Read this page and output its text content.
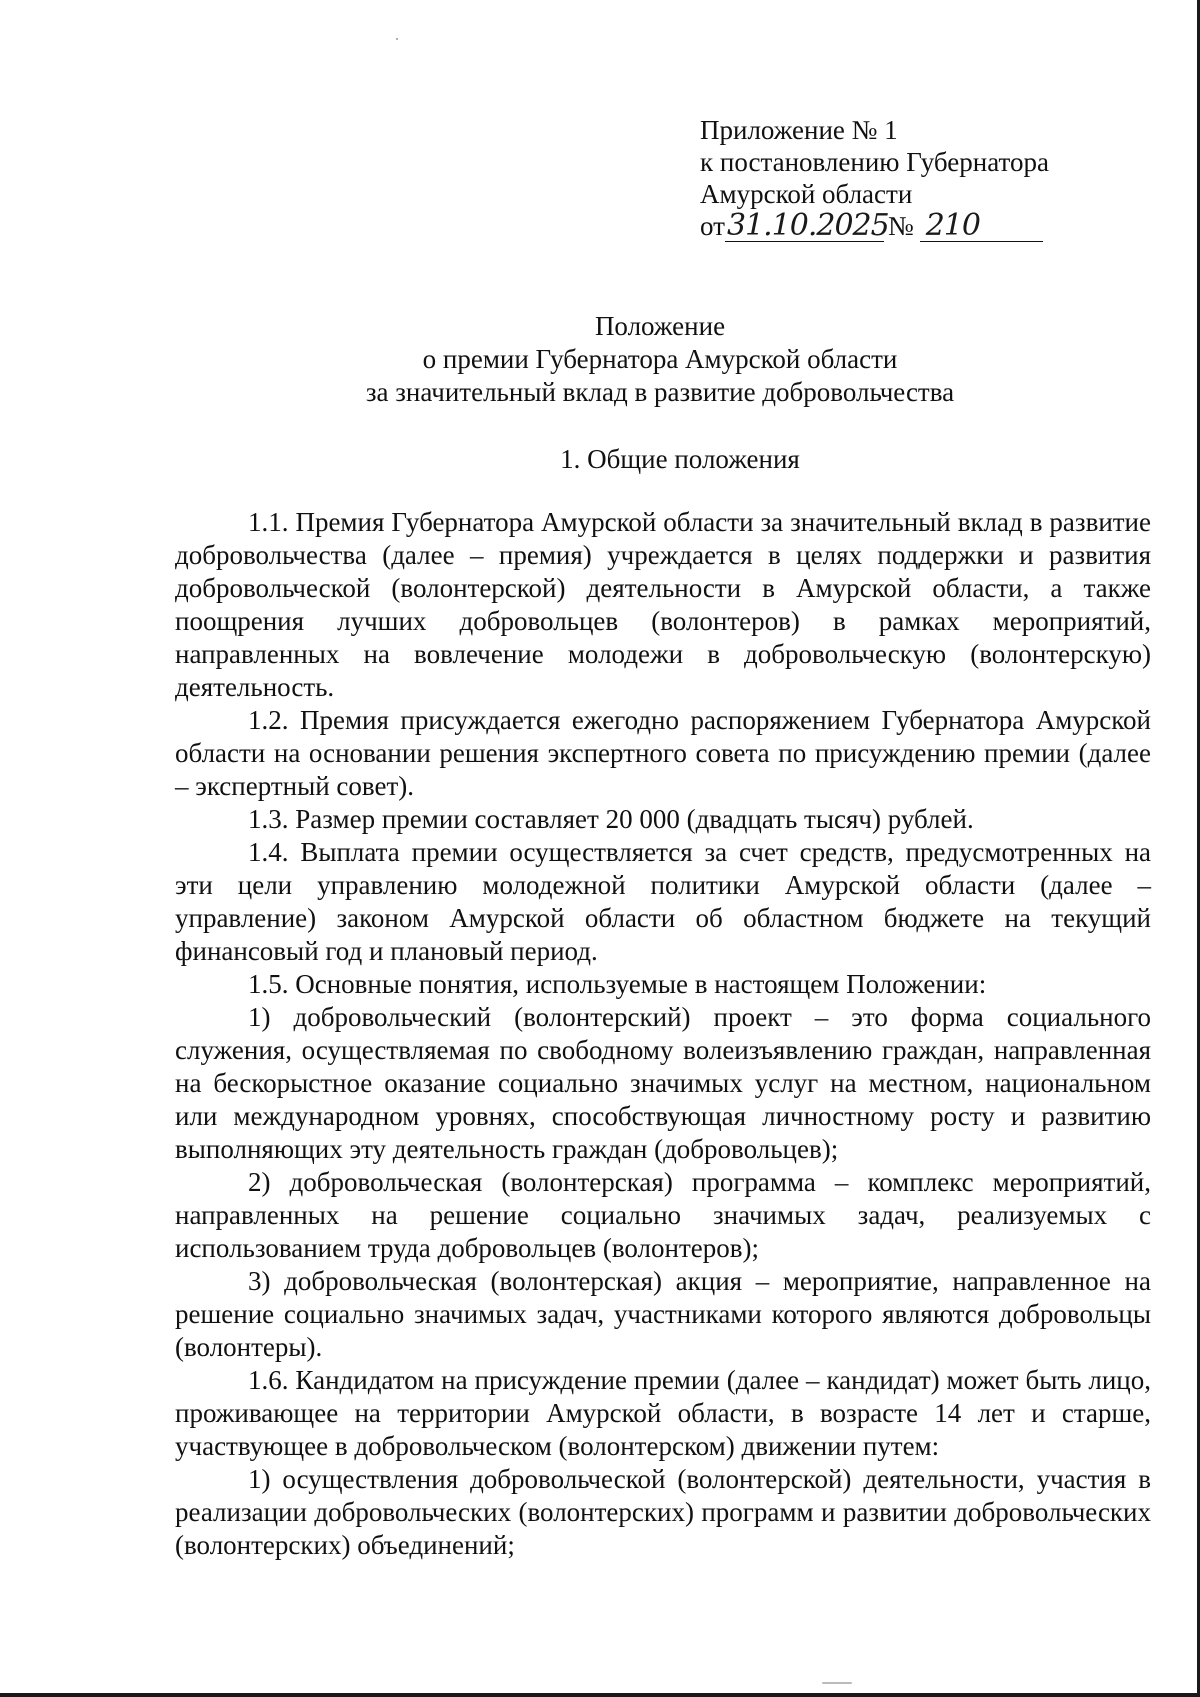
Приложение № 1
к постановлению Губернатора
Амурской области
от 31.10.2025 № 210
Положение
о премии Губернатора Амурской области
за значительный вклад в развитие добровольчества
1. Общие положения

1.1. Премия Губернатора Амурской области за значительный вклад в развитие добровольчества (далее – премия) учреждается в целях поддержки и развития добровольческой (волонтерской) деятельности в Амурской области, а также поощрения лучших добровольцев (волонтеров) в рамках мероприятий, направленных на вовлечение молодежи в добровольческую (волонтерскую) деятельность.

1.2. Премия присуждается ежегодно распоряжением Губернатора Амурской области на основании решения экспертного совета по присуждению премии (далее – экспертный совет).

1.3. Размер премии составляет 20 000 (двадцать тысяч) рублей.

1.4. Выплата премии осуществляется за счет средств, предусмотренных на эти цели управлению молодежной политики Амурской области (далее – управление) законом Амурской области об областном бюджете на текущий финансовый год и плановый период.

1.5. Основные понятия, используемые в настоящем Положении:

1) добровольческий (волонтерский) проект – это форма социального служения, осуществляемая по свободному волеизъявлению граждан, направленная на бескорыстное оказание социально значимых услуг на местном, национальном или международном уровнях, способствующая личностному росту и развитию выполняющих эту деятельность граждан (добровольцев);

2) добровольческая (волонтерская) программа – комплекс мероприятий, направленных на решение социально значимых задач, реализуемых с использованием труда добровольцев (волонтеров);

3) добровольческая (волонтерская) акция – мероприятие, направленное на решение социально значимых задач, участниками которого являются добровольцы (волонтеры).

1.6. Кандидатом на присуждение премии (далее – кандидат) может быть лицо, проживающее на территории Амурской области, в возрасте 14 лет и старше, участвующее в добровольческом (волонтерском) движении путем:

1) осуществления добровольческой (волонтерской) деятельности, участия в реализации добровольческих (волонтерских) программ и развитии добровольческих (волонтерских) объединений;
